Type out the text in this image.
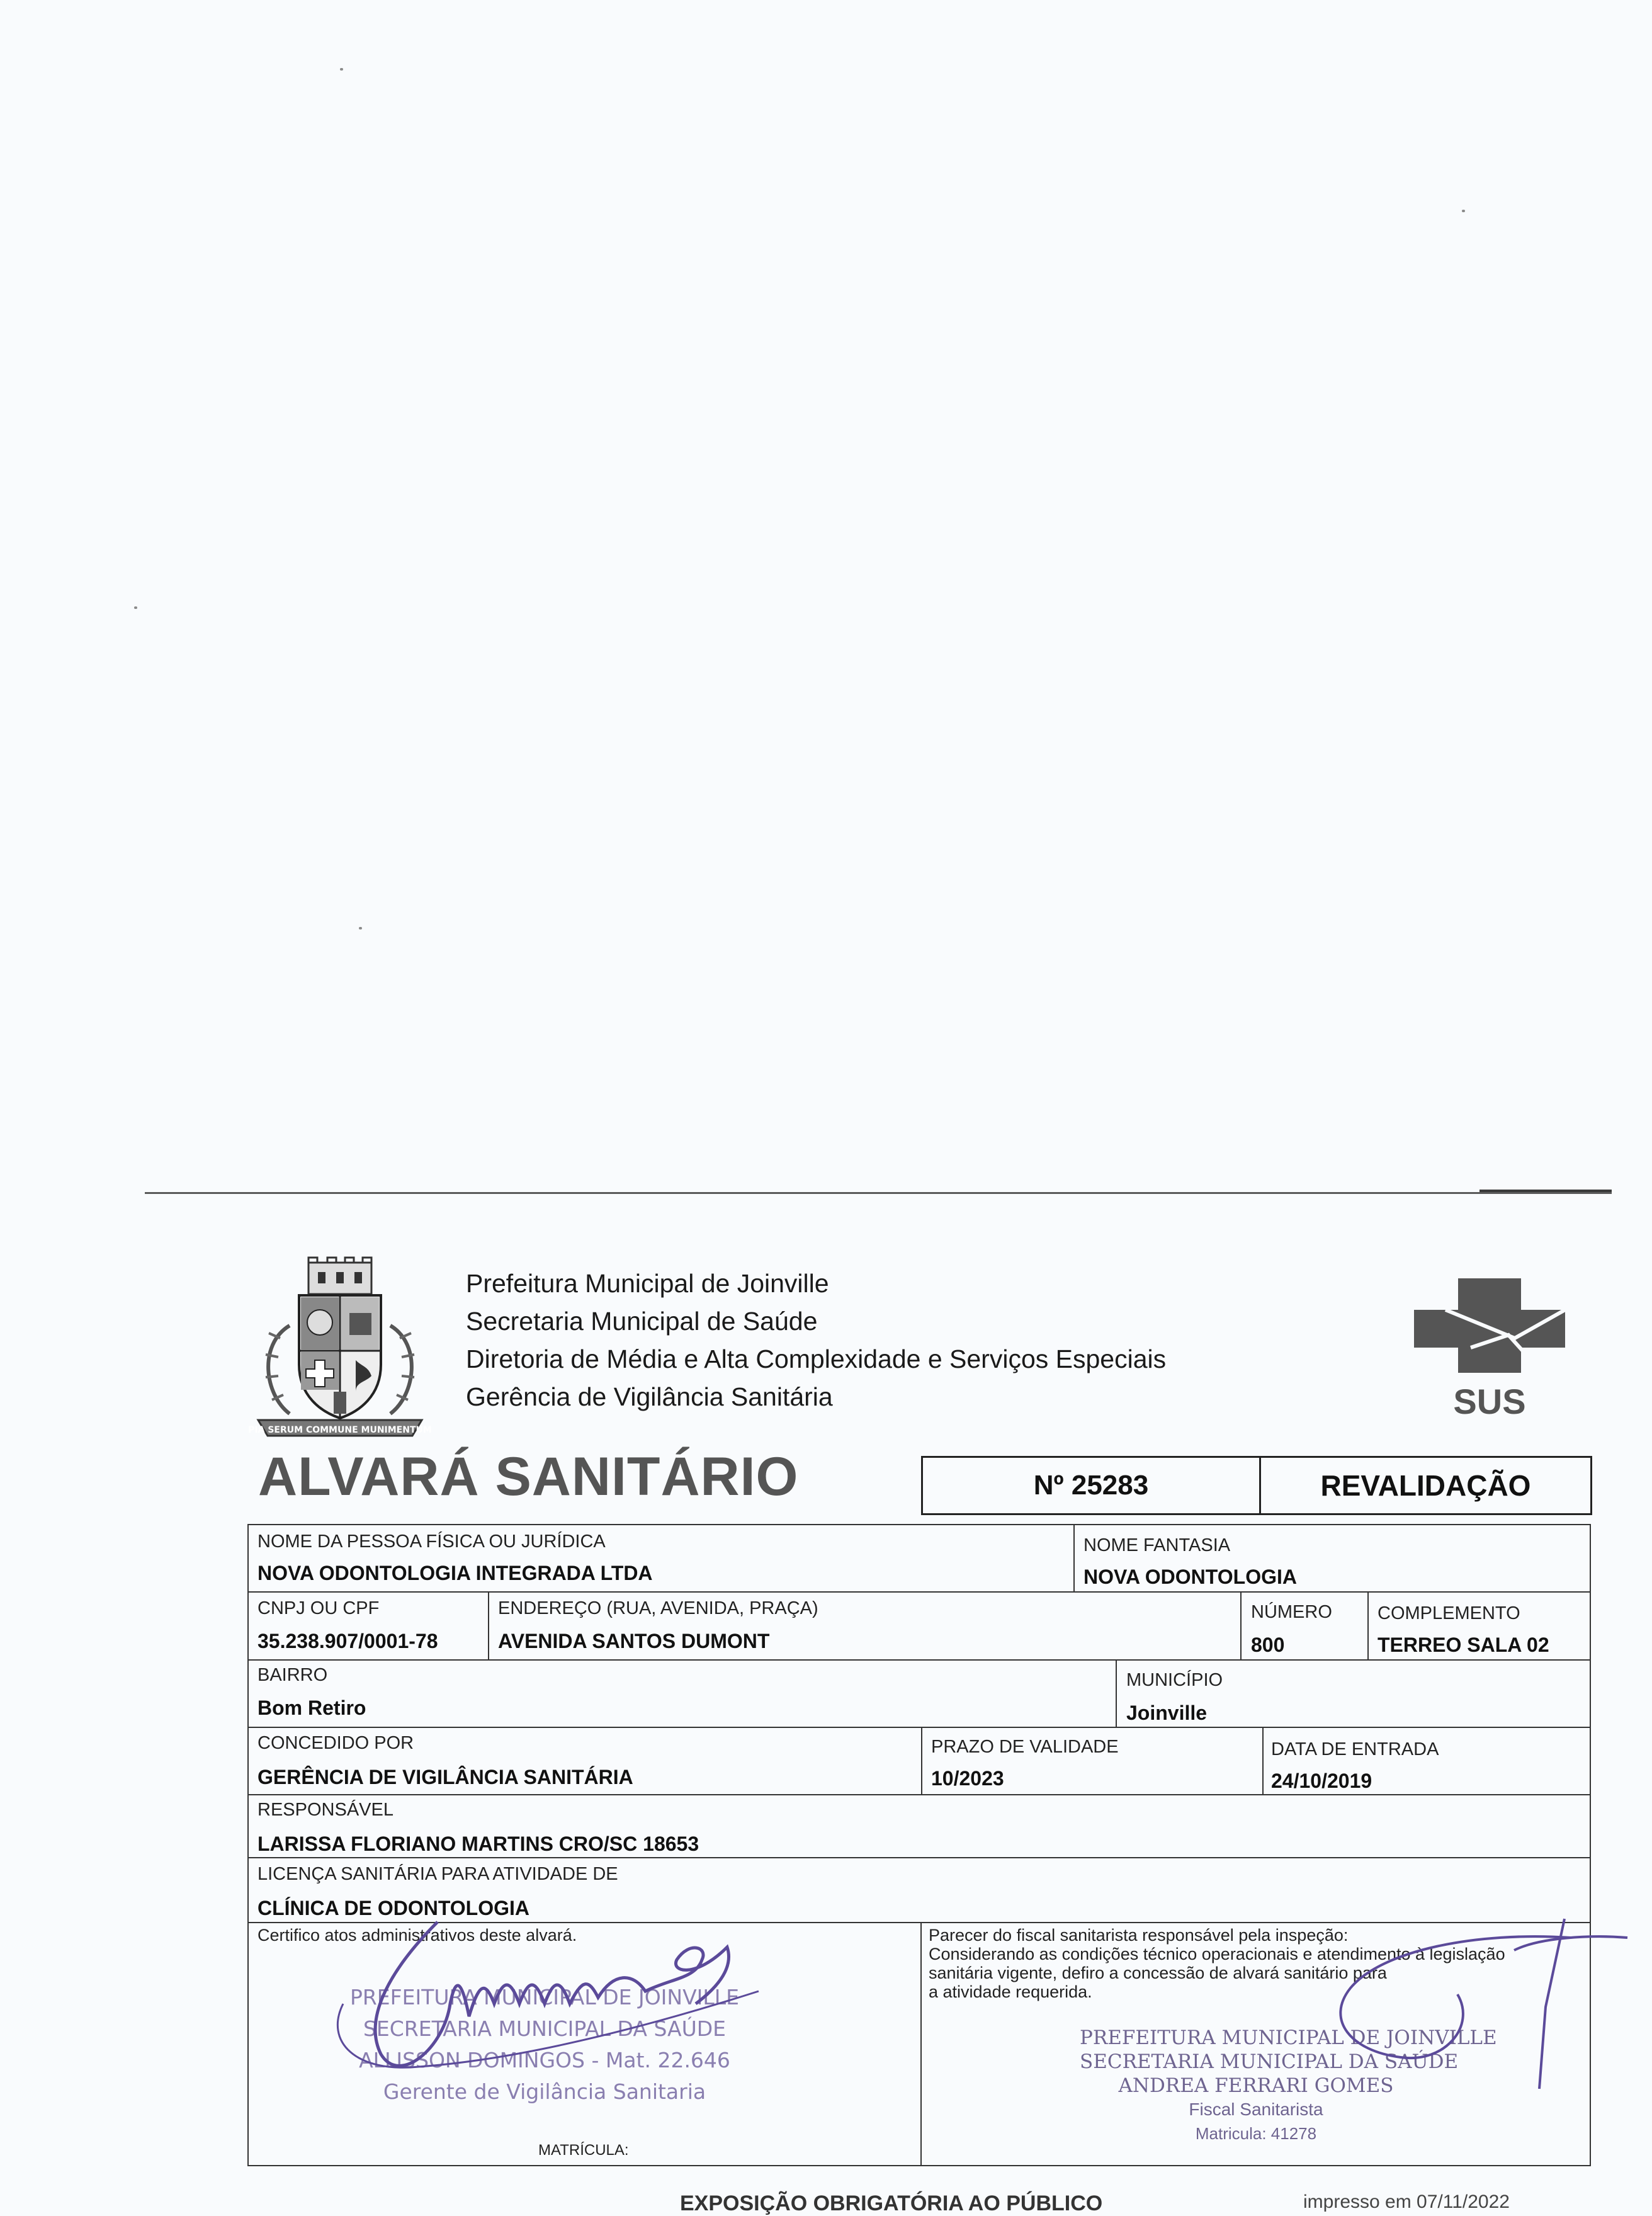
PIA SERUM COMMUNE MUNIMENTUM
Prefeitura Municipal de Joinville
Secretaria Municipal de Saúde
Diretoria de Média e Alta Complexidade e Serviços Especiais
Gerência de Vigilância Sanitária	SUS
ALVARÁ SANITÁRIO	Nº 25283	REVALIDAÇÃO
NOME DA PESSOA FÍSICA OU JURÍDICA
NOVA ODONTOLOGIA INTEGRADA LTDA
NOME FANTASIA
NOVA ODONTOLOGIA
CNPJ OU CPF
35.238.907/0001-78
ENDEREÇO (RUA, AVENIDA, PRAÇA)
AVENIDA SANTOS DUMONT
NÚMERO
800
COMPLEMENTO
TERREO SALA 02
BAIRRO
Bom Retiro
MUNICÍPIO
Joinville
CONCEDIDO POR
GERÊNCIA DE VIGILÂNCIA SANITÁRIA
PRAZO DE VALIDADE
10/2023
DATA DE ENTRADA
24/10/2019
RESPONSÁVEL
LARISSA FLORIANO MARTINS CRO/SC 18653
LICENÇA SANITÁRIA PARA ATIVIDADE DE
CLÍNICA DE ODONTOLOGIA
Certifico atos administrativos deste alvará.
PREFEITURA MUNICIPAL DE JOINVILLE
SECRETARIA MUNICIPAL DA SAÚDE
ALLISSON DOMINGOS - Mat. 22.646
Gerente de Vigilância Sanitaria
MATRÍCULA:
Parecer do fiscal sanitarista responsável pela inspeção:
Considerando as condições técnico operacionais e atendimento à legislação
sanitária vigente, defiro a concessão de alvará sanitário para
a atividade requerida.
PREFEITURA MUNICIPAL DE JOINVILLE
SECRETARIA MUNICIPAL DA SAÚDE
ANDREA FERRARI GOMES
Fiscal Sanitarista
Matricula: 41278
EXPOSIÇÃO OBRIGATÓRIA AO PÚBLICO	impresso em 07/11/2022
